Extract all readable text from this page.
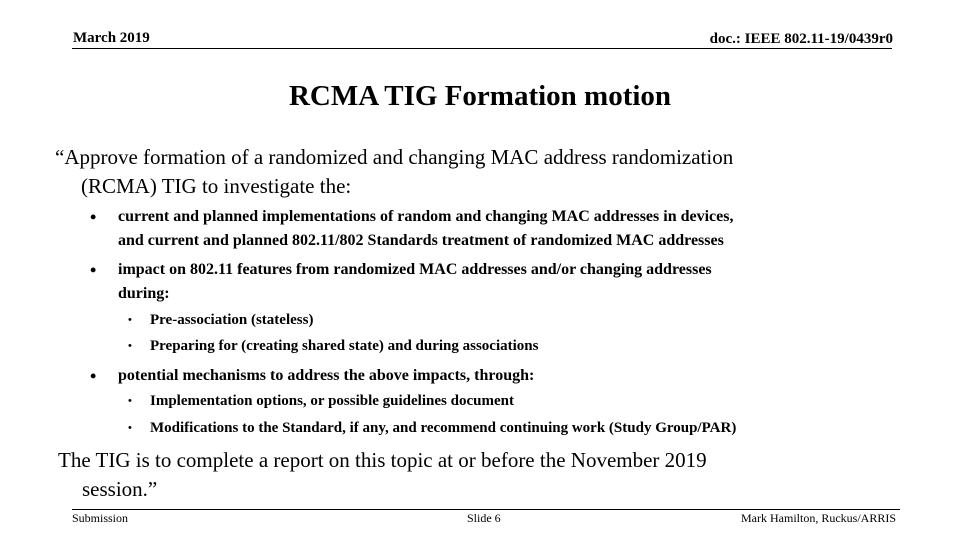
March 2019	doc.: IEEE 802.11-19/0439r0
RCMA TIG Formation motion
“Approve formation of a randomized and changing MAC address randomization
(RCMA) TIG to investigate the:
• current and planned implementations of random and changing MAC addresses in devices,
and current and planned 802.11/802 Standards treatment of randomized MAC addresses
• impact on 802.11 features from randomized MAC addresses and/or changing addresses
during:
• Pre-association (stateless)
• Preparing for (creating shared state) and during associations
• potential mechanisms to address the above impacts, through:
• Implementation options, or possible guidelines document
• Modifications to the Standard, if any, and recommend continuing work (Study Group/PAR)
The TIG is to complete a report on this topic at or before the November 2019
session.”
Submission	Slide 6	Mark Hamilton, Ruckus/ARRIS
